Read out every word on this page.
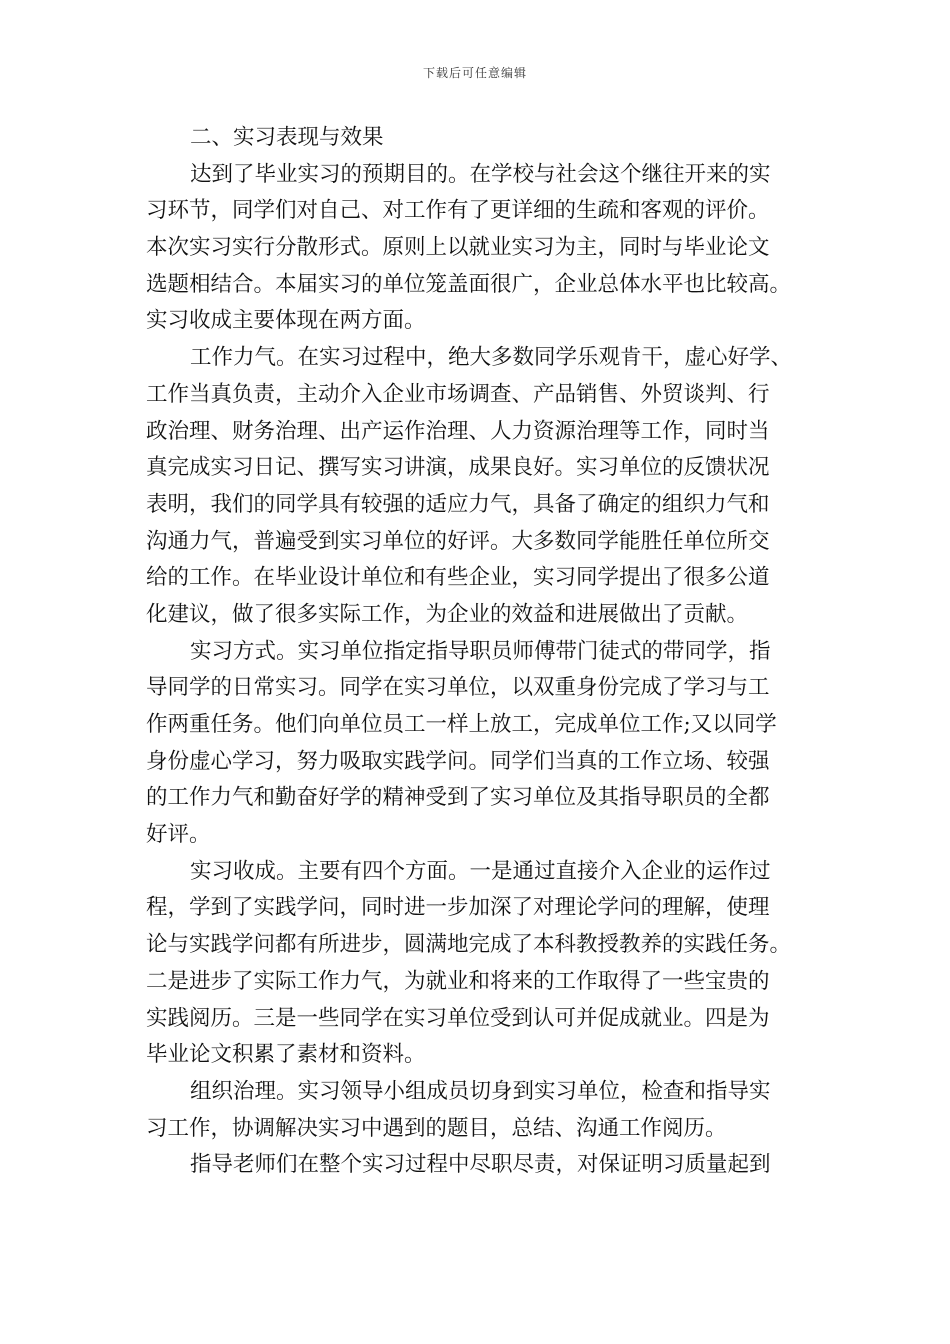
下载后可任意编辑
二、实习表现与效果
达到了毕业实习的预期目的。在学校与社会这个继往开来的实
习环节，同学们对自己、对工作有了更详细的生疏和客观的评价。
本次实习实行分散形式。原则上以就业实习为主，同时与毕业论文
选题相结合。本届实习的单位笼盖面很广，企业总体水平也比较高。
实习收成主要体现在两方面。
工作力气。在实习过程中，绝大多数同学乐观肯干，虚心好学、
工作当真负责，主动介入企业市场调查、产品销售、外贸谈判、行
政治理、财务治理、出产运作治理、人力资源治理等工作，同时当
真完成实习日记、撰写实习讲演，成果良好。实习单位的反馈状况
表明，我们的同学具有较强的适应力气，具备了确定的组织力气和
沟通力气，普遍受到实习单位的好评。大多数同学能胜任单位所交
给的工作。在毕业设计单位和有些企业，实习同学提出了很多公道
化建议，做了很多实际工作，为企业的效益和进展做出了贡献。
实习方式。实习单位指定指导职员师傅带门徒式的带同学，指
导同学的日常实习。同学在实习单位，以双重身份完成了学习与工
作两重任务。他们向单位员工一样上放工，完成单位工作;又以同学
身份虚心学习，努力吸取实践学问。同学们当真的工作立场、较强
的工作力气和勤奋好学的精神受到了实习单位及其指导职员的全都
好评。
实习收成。主要有四个方面。一是通过直接介入企业的运作过
程，学到了实践学问，同时进一步加深了对理论学问的理解，使理
论与实践学问都有所进步，圆满地完成了本科教授教养的实践任务。
二是进步了实际工作力气，为就业和将来的工作取得了一些宝贵的
实践阅历。三是一些同学在实习单位受到认可并促成就业。四是为
毕业论文积累了素材和资料。
组织治理。实习领导小组成员切身到实习单位，检查和指导实
习工作，协调解决实习中遇到的题目，总结、沟通工作阅历。
指导老师们在整个实习过程中尽职尽责，对保证明习质量起到
